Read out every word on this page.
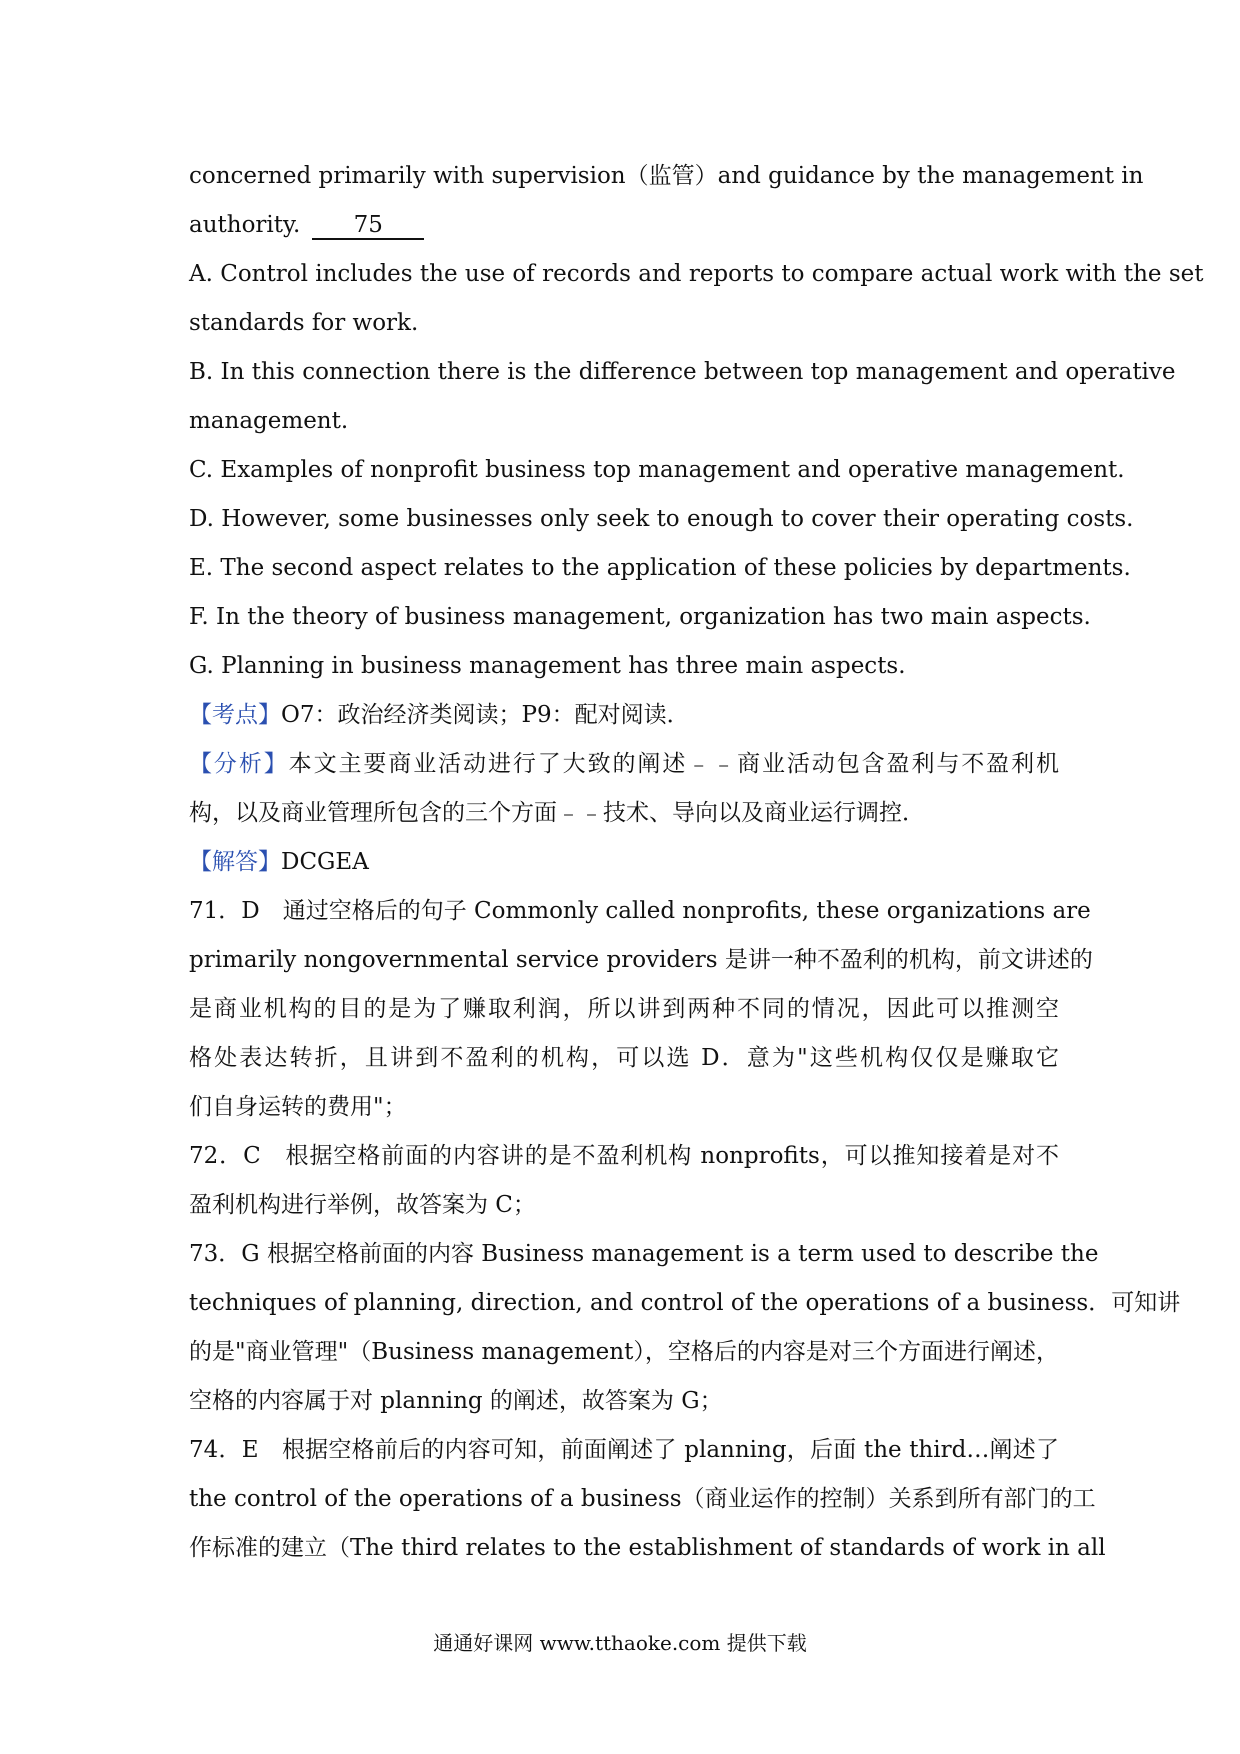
concerned primarily with supervision（监管）and guidance by the management in
authority. 75
A. Control includes the use of records and reports to compare actual work with the set
standards for work.
B. In this connection there is the difference between top management and operative
management.
C. Examples of nonprofit business top management and operative management.
D. However, some businesses only seek to enough to cover their operating costs.
E. The second aspect relates to the application of these policies by departments.
F. In the theory of business management, organization has two main aspects.
G. Planning in business management has three main aspects.
【考点】O7：政治经济类阅读；P9：配对阅读．
【分析】本文主要商业活动进行了大致的阐述﹣﹣商业活动包含盈利与不盈利机
构，以及商业管理所包含的三个方面﹣﹣技术、导向以及商业运行调控．
【解答】DCGEA
71．D　通过空格后的句子 Commonly called nonprofits, these organizations are
primarily nongovernmental service providers 是讲一种不盈利的机构，前文讲述的
是商业机构的目的是为了赚取利润，所以讲到两种不同的情况，因此可以推测空
格处表达转折，且讲到不盈利的机构，可以选 D．意为"这些机构仅仅是赚取它
们自身运转的费用"；
72．C　根据空格前面的内容讲的是不盈利机构 nonprofits，可以推知接着是对不
盈利机构进行举例，故答案为 C；
73．G 根据空格前面的内容 Business management is a term used to describe the
techniques of planning, direction, and control of the operations of a business．可知讲
的是"商业管理"（Business management），空格后的内容是对三个方面进行阐述，
空格的内容属于对 planning 的阐述，故答案为 G；
74．E　根据空格前后的内容可知，前面阐述了 planning，后面 the third…阐述了
the control of the operations of a business（商业运作的控制）关系到所有部门的工
作标准的建立（The third relates to the establishment of standards of work in all
通通好课网 www.tthaoke.com 提供下载
